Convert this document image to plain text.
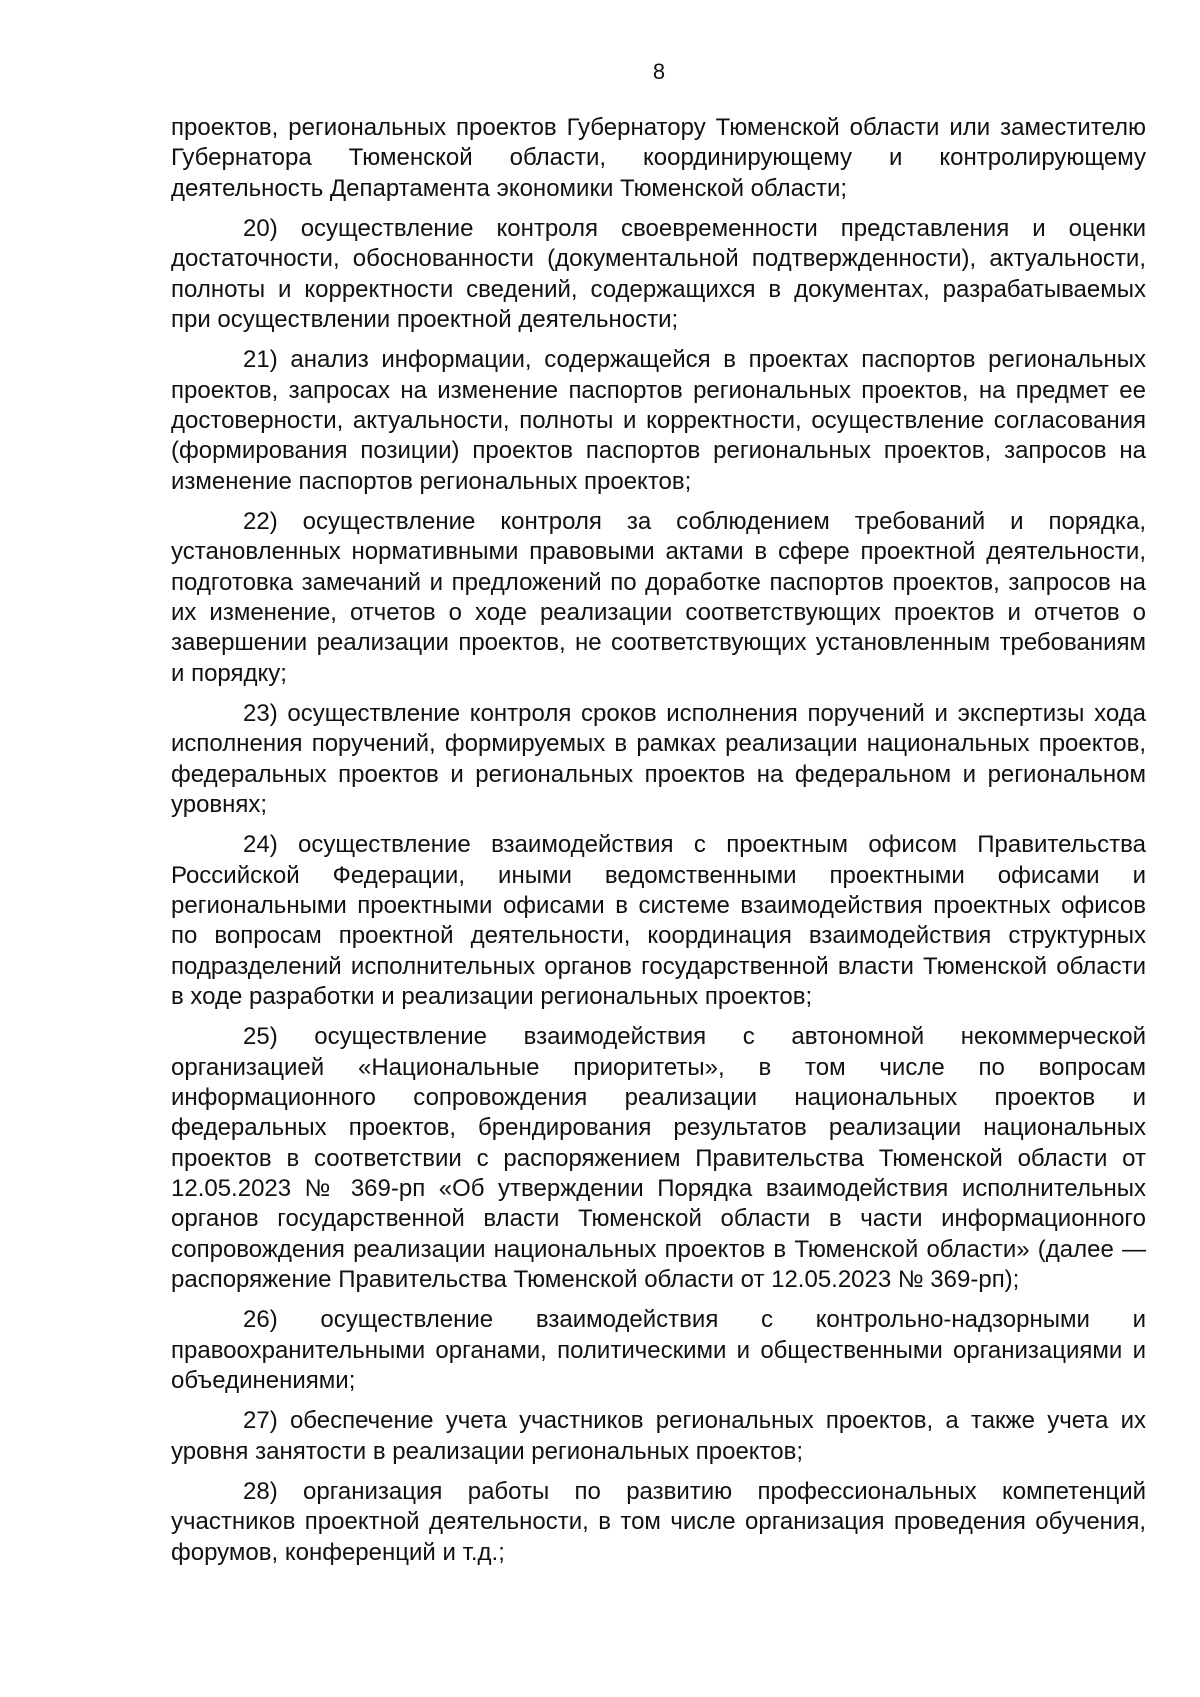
8

проектов, региональных проектов Губернатору Тюменской области или заместителю Губернатора Тюменской области, координирующему и контролирующему деятельность Департамента экономики Тюменской области;

20) осуществление контроля своевременности представления и оценки достаточности, обоснованности (документальной подтвержденности), актуальности, полноты и корректности сведений, содержащихся в документах, разрабатываемых при осуществлении проектной деятельности;

21) анализ информации, содержащейся в проектах паспортов региональных проектов, запросах на изменение паспортов региональных проектов, на предмет ее достоверности, актуальности, полноты и корректности, осуществление согласования (формирования позиции) проектов паспортов региональных проектов, запросов на изменение паспортов региональных проектов;

22) осуществление контроля за соблюдением требований и порядка, установленных нормативными правовыми актами в сфере проектной деятельности, подготовка замечаний и предложений по доработке паспортов проектов, запросов на их изменение, отчетов о ходе реализации соответствующих проектов и отчетов о завершении реализации проектов, не соответствующих установленным требованиям и порядку;

23) осуществление контроля сроков исполнения поручений и экспертизы хода исполнения поручений, формируемых в рамках реализации национальных проектов, федеральных проектов и региональных проектов на федеральном и региональном уровнях;

24) осуществление взаимодействия с проектным офисом Правительства Российской Федерации, иными ведомственными проектными офисами и региональными проектными офисами в системе взаимодействия проектных офисов по вопросам проектной деятельности, координация взаимодействия структурных подразделений исполнительных органов государственной власти Тюменской области в ходе разработки и реализации региональных проектов;

25) осуществление взаимодействия с автономной некоммерческой организацией «Национальные приоритеты», в том числе по вопросам информационного сопровождения реализации национальных проектов и федеральных проектов, брендирования результатов реализации национальных проектов в соответствии с распоряжением Правительства Тюменской области от 12.05.2023 № 369-рп «Об утверждении Порядка взаимодействия исполнительных органов государственной власти Тюменской области в части информационного сопровождения реализации национальных проектов в Тюменской области» (далее — распоряжение Правительства Тюменской области от 12.05.2023 № 369-рп);

26) осуществление взаимодействия с контрольно-надзорными и правоохранительными органами, политическими и общественными организациями и объединениями;

27) обеспечение учета участников региональных проектов, а также учета их уровня занятости в реализации региональных проектов;

28) организация работы по развитию профессиональных компетенций участников проектной деятельности, в том числе организация проведения обучения, форумов, конференций и т.д.;
